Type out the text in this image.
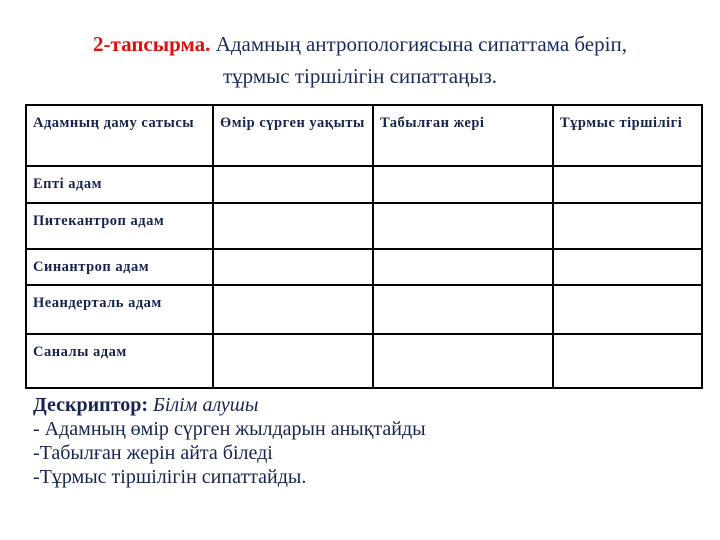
2-тапсырма. Адамның антропологиясына сипаттама беріп,
тұрмыс тіршілігін сипаттаңыз.
Адамның даму сатысы	Өмір сүрген уақыты	Табылған жері	Тұрмыс тіршілігі
Ептi адам			
Питекантроп адам			
Синантроп адам			
Неандерталь адам			
Саналы адам			
Дескриптор: Білім алушы
- Адамның өмір сүрген жылдарын анықтайды
-Табылған жерін айта біледі
-Тұрмыс тіршілігін сипаттайды.
